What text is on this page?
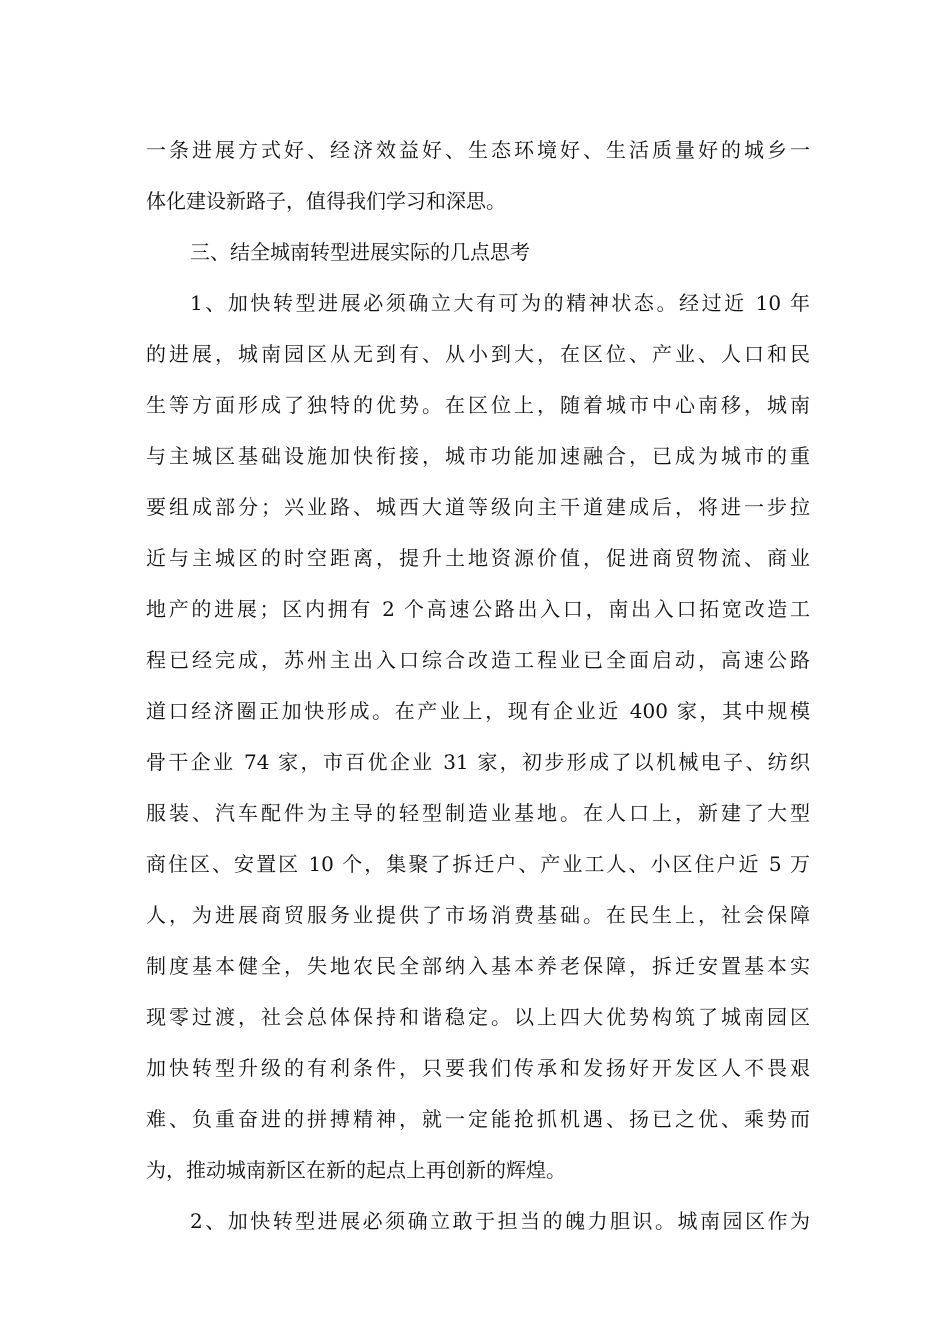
一条进展方式好、经济效益好、生态环境好、生活质量好的城乡一
体化建设新路子，值得我们学习和深思。
三、结全城南转型进展实际的几点思考
1、加快转型进展必须确立大有可为的精神状态。经过近 10 年
的进展，城南园区从无到有、从小到大，在区位、产业、人口和民
生等方面形成了独特的优势。在区位上，随着城市中心南移，城南
与主城区基础设施加快衔接，城市功能加速融合，已成为城市的重
要组成部分；兴业路、城西大道等级向主干道建成后，将进一步拉
近与主城区的时空距离，提升土地资源价值，促进商贸物流、商业
地产的进展；区内拥有 2 个高速公路出入口，南出入口拓宽改造工
程已经完成，苏州主出入口综合改造工程业已全面启动，高速公路
道口经济圈正加快形成。在产业上，现有企业近 400 家，其中规模
骨干企业 74 家，市百优企业 31 家，初步形成了以机械电子、纺织
服装、汽车配件为主导的轻型制造业基地。在人口上，新建了大型
商住区、安置区 10 个，集聚了拆迁户、产业工人、小区住户近 5 万
人，为进展商贸服务业提供了市场消费基础。在民生上，社会保障
制度基本健全，失地农民全部纳入基本养老保障，拆迁安置基本实
现零过渡，社会总体保持和谐稳定。以上四大优势构筑了城南园区
加快转型升级的有利条件，只要我们传承和发扬好开发区人不畏艰
难、负重奋进的拼搏精神，就一定能抢抓机遇、扬已之优、乘势而
为，推动城南新区在新的起点上再创新的辉煌。
2、加快转型进展必须确立敢于担当的魄力胆识。城南园区作为
